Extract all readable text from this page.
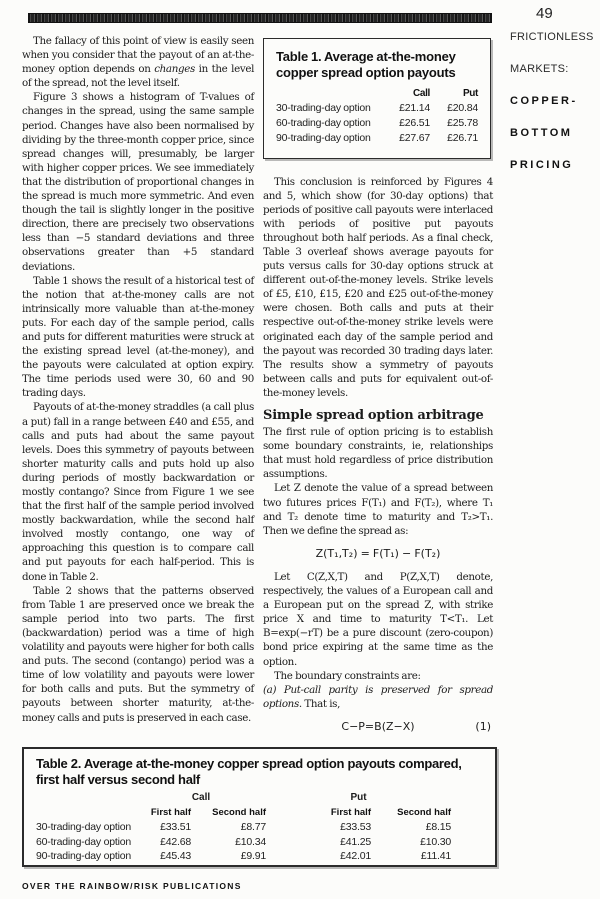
49
FRICTIONLESS
MARKETS:
COPPER-
BOTTOM
PRICING

The fallacy of this point of view is easily seen when you consider that the payout of an at-the-money option depends on changes in the level of the spread, not the level itself.

Figure 3 shows a histogram of T-values of changes in the spread, using the same sample period. Changes have also been normalised by dividing by the three-month copper price, since spread changes will, presumably, be larger with higher copper prices. We see immediately that the distribution of proportional changes in the spread is much more symmetric. And even though the tail is slightly longer in the positive direction, there are precisely two observations less than −5 standard deviations and three observations greater than +5 standard deviations.

Table 1 shows the result of a historical test of the notion that at-the-money calls are not intrinsically more valuable than at-the-money puts. For each day of the sample period, calls and puts for different maturities were struck at the existing spread level (at-the-money), and the payouts were calculated at option expiry. The time periods used were 30, 60 and 90 trading days.

Payouts of at-the-money straddles (a call plus a put) fall in a range between £40 and £55, and calls and puts had about the same payout levels. Does this symmetry of payouts between shorter maturity calls and puts hold up also during periods of mostly backwardation or mostly contango? Since from Figure 1 we see that the first half of the sample period involved mostly backwardation, while the second half involved mostly contango, one way of approaching this question is to compare call and put payouts for each half-period. This is done in Table 2.

Table 2 shows that the patterns observed from Table 1 are preserved once we break the sample period into two parts. The first (backwardation) period was a time of high volatility and payouts were higher for both calls and puts. The second (contango) period was a time of low volatility and payouts were lower for both calls and puts. But the symmetry of payouts between shorter maturity, at-the-money calls and puts is preserved in each case.

Table 1. Average at-the-money copper spread option payouts
Call	Put
30-trading-day option	£21.14	£20.84
60-trading-day option	£26.51	£25.78
90-trading-day option	£27.67	£26.71

This conclusion is reinforced by Figures 4 and 5, which show (for 30-day options) that periods of positive call payouts were interlaced with periods of positive put payouts throughout both half periods. As a final check, Table 3 overleaf shows average payouts for puts versus calls for 30-day options struck at different out-of-the-money levels. Strike levels of £5, £10, £15, £20 and £25 out-of-the-money were chosen. Both calls and puts at their respective out-of-the-money strike levels were originated each day of the sample period and the payout was recorded 30 trading days later. The results show a symmetry of payouts between calls and puts for equivalent out-of-the-money levels.

Simple spread option arbitrage

The first rule of option pricing is to establish some boundary constraints, ie, relationships that must hold regardless of price distribution assumptions.

Let Z denote the value of a spread between two futures prices F(T₁) and F(T₂), where T₁ and T₂ denote time to maturity and T₂>T₁. Then we define the spread as:

Z(T₁,T₂) = F(T₁) − F(T₂)

Let C(Z,X,T) and P(Z,X,T) denote, respectively, the values of a European call and a European put on the spread Z, with strike price X and time to maturity T<T₁. Let B=exp(−rT) be a pure discount (zero-coupon) bond price expiring at the same time as the option.

The boundary constraints are:

(a) Put-call parity is preserved for spread options. That is,

C−P=B(Z−X)	(1)
Table 2. Average at-the-money copper spread option payouts compared, first half versus second half
Call	Put
First half	Second half	First half	Second half
30-trading-day option	£33.51	£8.77	£33.53	£8.15
60-trading-day option	£42.68	£10.34	£41.25	£10.30
90-trading-day option	£45.43	£9.91	£42.01	£11.41
OVER THE RAINBOW/RISK PUBLICATIONS
